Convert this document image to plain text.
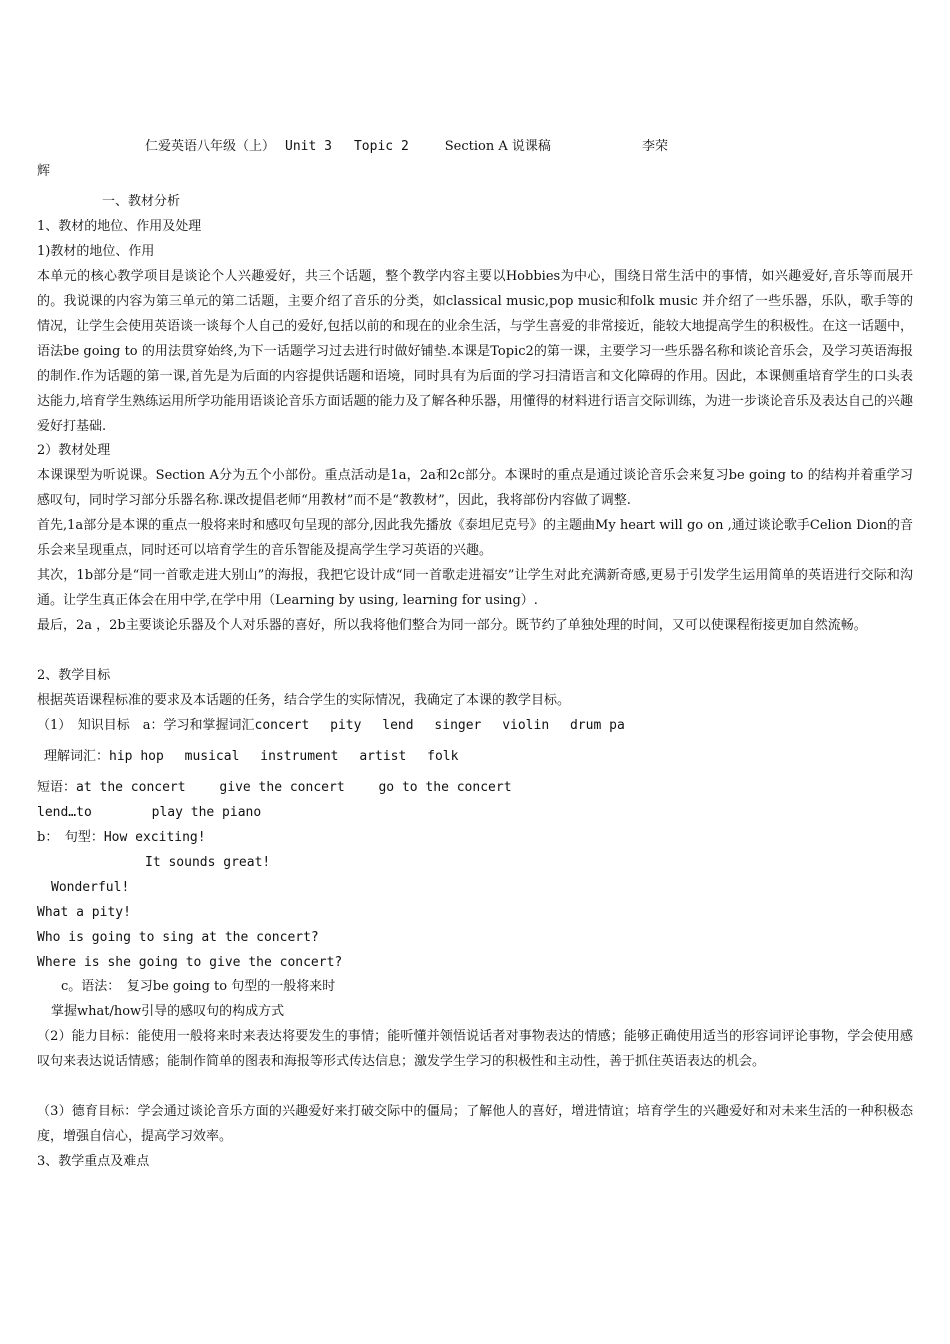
仁爱英语八年级（上） Unit 3 Topic 2	Section A 说课稿	李荣
辉
一、教材分析
1、教材的地位、作用及处理
1)教材的地位、作用
本单元的核心教学项目是谈论个人兴趣爱好，共三个话题，整个教学内容主要以Hobbies为中心，围绕日常生活中的事情，如兴趣爱好,音乐等而展开的。我说课的内容为第三单元的第二话题，主要介绍了音乐的分类，如classical music,pop music和folk music 并介绍了一些乐器，乐队，歌手等的情况，让学生会使用英语谈一谈每个人自己的爱好,包括以前的和现在的业余生活，与学生喜爱的非常接近，能较大地提高学生的积极性。在这一话题中，语法be going to 的用法贯穿始终,为下一话题学习过去进行时做好铺垫.本课是Topic2的第一课，主要学习一些乐器名称和谈论音乐会，及学习英语海报的制作.作为话题的第一课,首先是为后面的内容提供话题和语境，同时具有为后面的学习扫清语言和文化障碍的作用。因此，本课侧重培育学生的口头表达能力,培育学生熟练运用所学功能用语谈论音乐方面话题的能力及了解各种乐器，用懂得的材料进行语言交际训练，为进一步谈论音乐及表达自己的兴趣爱好打基础.
2）教材处理
本课课型为听说课。Section A分为五个小部份。重点活动是1a，2a和2c部分。本课时的重点是通过谈论音乐会来复习be going to 的结构并着重学习感叹句，同时学习部分乐器名称.课改提倡老师“用教材”而不是“教教材”，因此，我将部份内容做了调整.
首先,1a部分是本课的重点一般将来时和感叹句呈现的部分,因此我先播放《泰坦尼克号》的主题曲My heart will go on ,通过谈论歌手Celion Dion的音乐会来呈现重点，同时还可以培育学生的音乐智能及提高学生学习英语的兴趣。
其次，1b部分是“同一首歌走进大别山”的海报，我把它设计成“同一首歌走进福安”让学生对此充满新奇感,更易于引发学生运用简单的英语进行交际和沟通。让学生真正体会在用中学,在学中用（Learning by using, learning for using）.
最后，2a ，2b主要谈论乐器及个人对乐器的喜好，所以我将他们整合为同一部分。既节约了单独处理的时间，又可以使课程衔接更加自然流畅。
2、教学目标
根据英语课程标准的要求及本话题的任务，结合学生的实际情况，我确定了本课的教学目标。
（1）　知识目标　a：学习和掌握词汇concert　 pity　 lend　 singer　 violin　 drum pa
理解词汇：hip hop　 musical　 instrument　 artist　 folk
短语：at the concert　　 give the concert　　 go to the concert
lend…to　　　　 play the piano
b：　句型：How exciting!
It sounds great!
Wonderful!
What a pity!
Who is going to sing at the concert?
Where is she going to give the concert?
c。语法：　复习be going to 句型的一般将来时
掌握what/how引导的感叹句的构成方式
（2）能力目标：能使用一般将来时来表达将要发生的事情；能听懂并领悟说话者对事物表达的情感；能够正确使用适当的形容词评论事物，学会使用感叹句来表达说话情感；能制作简单的图表和海报等形式传达信息；激发学生学习的积极性和主动性，善于抓住英语表达的机会。
（3）德育目标：学会通过谈论音乐方面的兴趣爱好来打破交际中的僵局；了解他人的喜好，增进情谊；培育学生的兴趣爱好和对未来生活的一种积极态度，增强自信心，提高学习效率。
3、教学重点及难点
